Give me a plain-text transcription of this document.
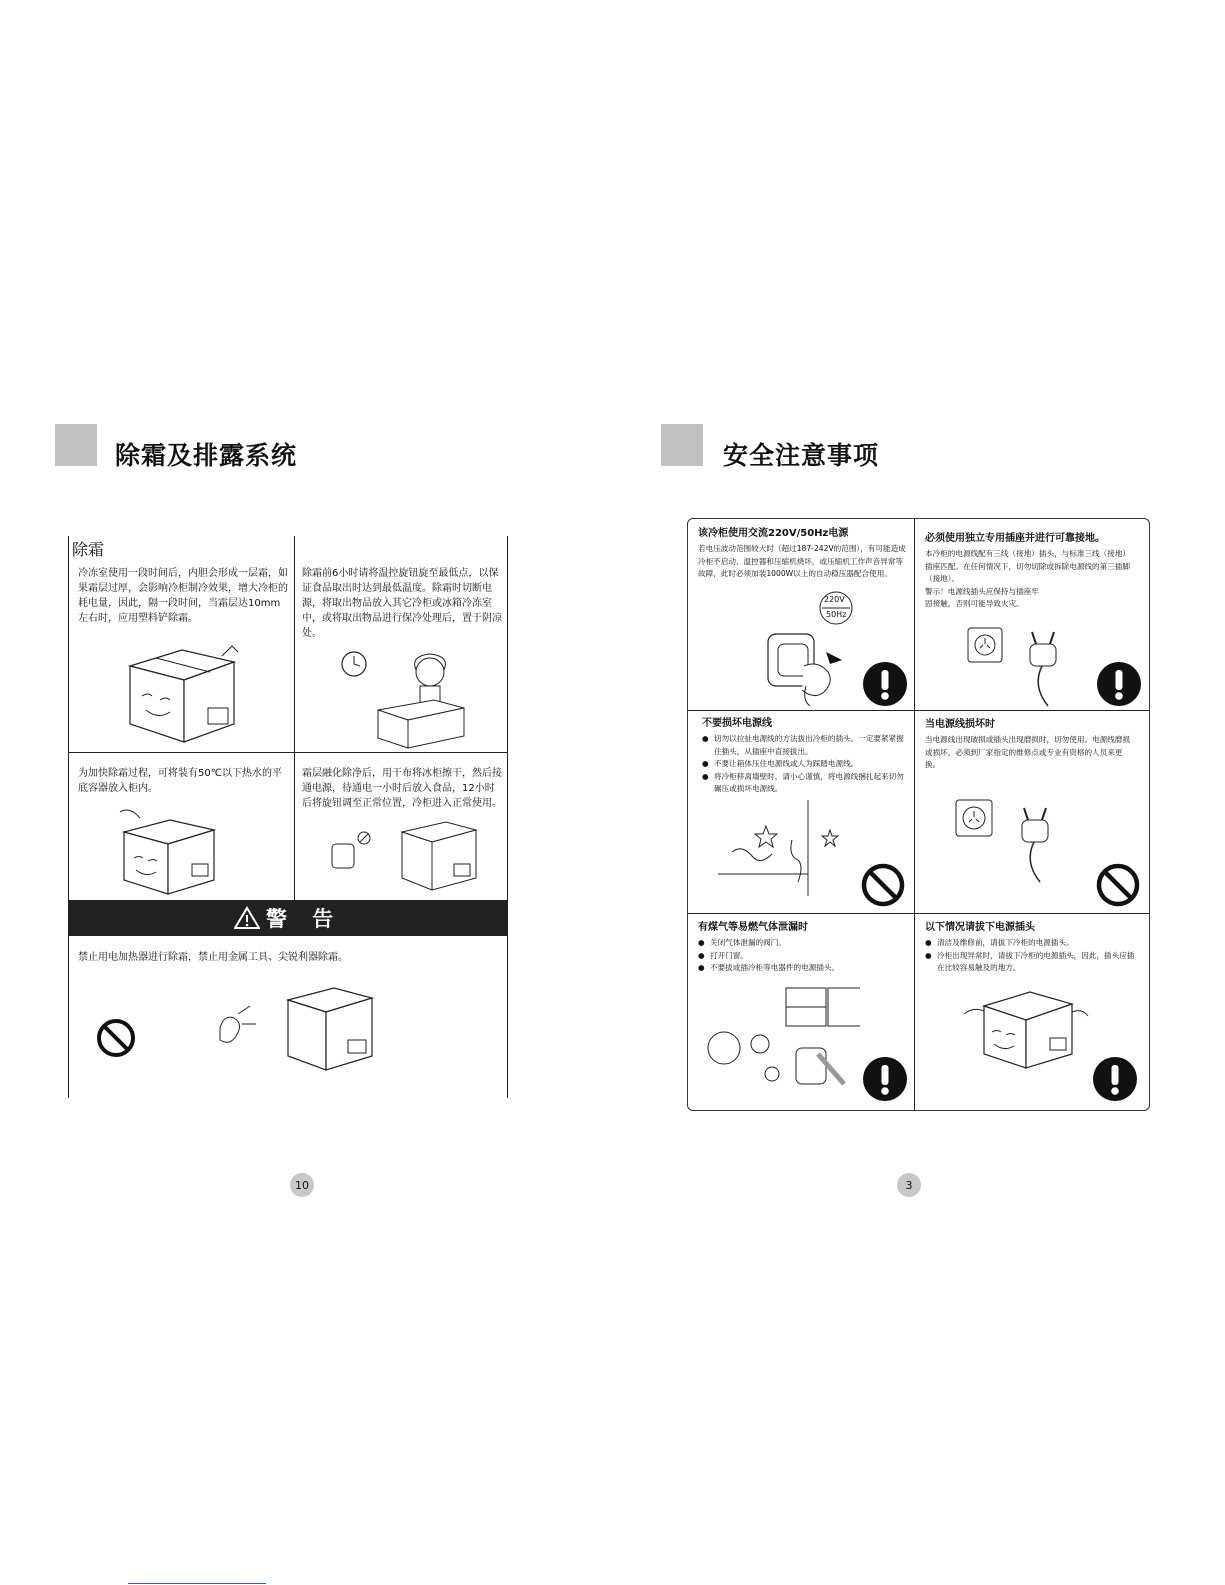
除霜及排露系统
除霜
冷冻室使用一段时间后，内胆会形成一层霜，如果霜层过厚，会影响冷柜制冷效果，增大冷柜的耗电量，因此，隔一段时间，当霜层达10mm左右时，应用塑料铲除霜。
除霜前6小时请将温控旋钮旋至最低点，以保证食品取出时达到最低温度。除霜时切断电源，将取出物品放入其它冷柜或冰箱冷冻室中，或将取出物品进行保冷处理后，置于阴凉处。
为加快除霜过程，可将装有50℃以下热水的平底容器放入柜内。
霜层融化除净后，用干布将冰柜擦干，然后接通电源，待通电一小时后放入食品，12小时后将旋钮调至正常位置，冷柜进入正常使用。
警 告
禁止用电加热器进行除霜，禁止用金属工具、尖锐利器除霜。
10
安全注意事项
该冷柜使用交流220V/50Hz电源
若电压波动范围较大时（超过187-242V的范围），有可能造成冷柜不启动、温控器和压缩机烧坏，或压缩机工作声音异常等故障，此时必须加装1000W以上的自动稳压器配合使用。
220V
50Hz
必须使用独立专用插座并进行可靠接地。
本冷柜的电源线配有三线（接地）插头，与标准三线（接地）插座匹配。在任何情况下，切勿切除或拆除电源线的第三插脚（接地）。
警示！电源线插头应保持与插座牢固接触，否则可能导致火灾。
不要损坏电源线
● 切勿以拉扯电源线的方法拔出冷柜的插头。一定要紧紧握住插头，从插座中直接拔出。
● 不要让箱体压住电源线或人为踩踏电源线。
● 将冷柜移离墙壁时，请小心谨慎，将电源线捆扎起来切勿碾压或损坏电源线。
当电源线损坏时
当电源线出现破损或插头出现磨损时，切勿使用。电源线磨损或损坏，必须到厂家指定的维修点或专业有资格的人员来更换。
有煤气等易燃气体泄漏时
● 关闭气体泄漏的阀门。
● 打开门窗。
● 不要拔或插冷柜等电器件的电源插头。
以下情况请拔下电源插头
● 清洁及维修前，请拔下冷柜的电源插头。
● 冷柜出现异常时，请拔下冷柜的电源插头，因此，插头应插在比较容易触及的地方。
3
